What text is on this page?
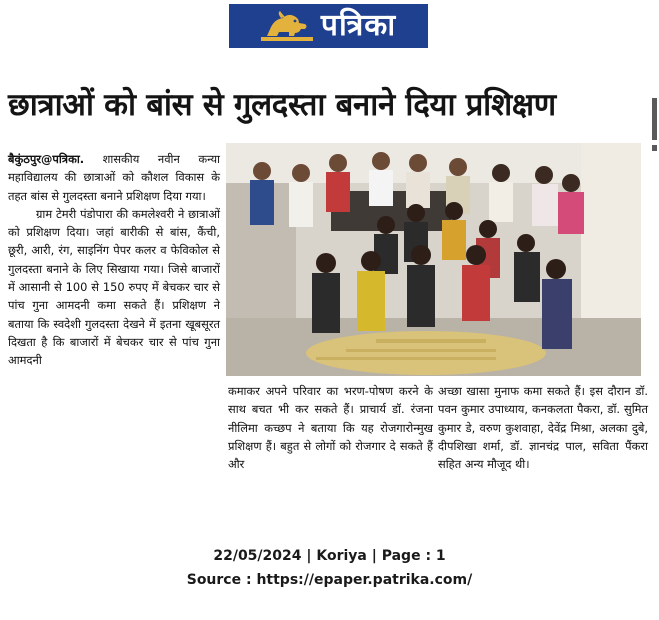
पत्रिका
छात्राओं को बांस से गुलदस्ता बनाने दिया प्रशिक्षण

बैकुंठपुर@पत्रिका. शासकीय नवीन कन्या महाविद्यालय की छात्राओं को कौशल विकास के तहत बांस से गुलदस्ता बनाने प्रशिक्षण दिया गया।

ग्राम टेमरी पंडोपारा की कमलेश्वरी ने छात्राओं को प्रशिक्षण दिया। जहां बारीकी से बांस, कैंची, छूरी, आरी, रंग, साइनिंग पेपर कलर व फेविकोल से गुलदस्ता बनाने के लिए सिखाया गया। जिसे बाजारों में आसानी से 100 से 150 रुपए में बेचकर चार से पांच गुना आमदनी कमा सकते हैं। प्रशिक्षण ने बताया कि स्वदेशी गुलदस्ता देखने में इतना खूबसूरत दिखता है कि बाजारों में बेचकर चार से पांच गुना आमदनी

कमाकर अपने परिवार का भरण-पोषण करने के साथ बचत भी कर सकते हैं। प्राचार्य डॉ. रंजना नीलिमा कच्छप ने बताया कि यह रोजगारोन्मुख प्रशिक्षण हैं। बहुत से लोगों को रोजगार दे सकते हैं और

अच्छा खासा मुनाफ कमा सकते हैं। इस दौरान डॉ. पवन कुमार उपाध्याय, कनकलता पैकरा, डॉ. सुमित कुमार डे, वरुण कुशवाहा, देवेंद्र मिश्रा, अलका दुबे, दीपशिखा शर्मा, डॉ. ज्ञानचंद्र पाल, सविता पैंकरा सहित अन्य मौजूद थी।

22/05/2024 | Koriya | Page : 1
Source : https://epaper.patrika.com/
